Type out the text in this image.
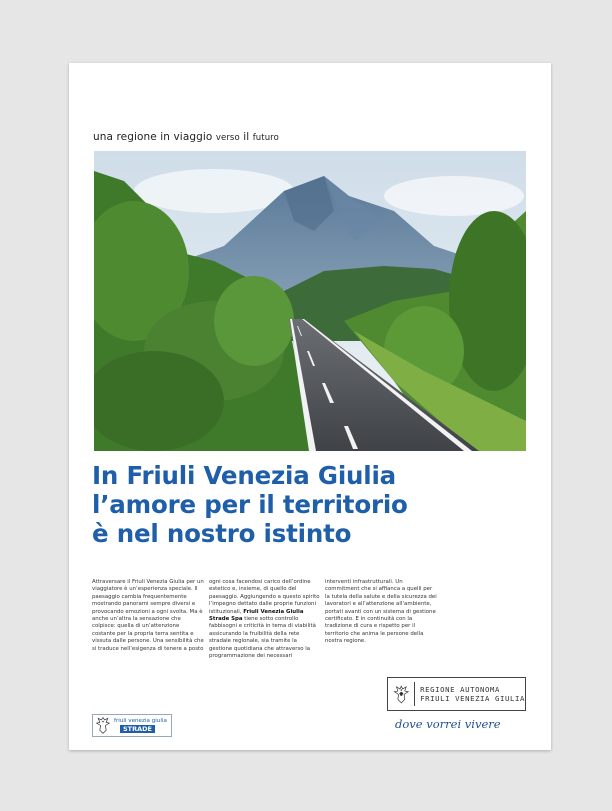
una regione in viaggio verso il futuro
In Friuli Venezia Giulia
l’amore per il territorio
è nel nostro istinto

Attraversare il Friuli Venezia Giulia per un viaggiatore è un’esperienza speciale. Il paesaggio cambia frequentemente mostrando panorami sempre diversi e provocando emozioni a ogni svolta. Ma è anche un’altra la sensazione che colpisce: quella di un’attenzione costante per la propria terra sentita e vissuta dalle persone. Una sensibilità che si traduce nell’esigenza di tenere a posto

ogni cosa facendosi carico dell’ordine estetico e, insieme, di quello del paesaggio. Aggiungendo a questo spirito l’impegno dettato dalle proprie funzioni istituzionali, Friuli Venezia Giulia Strade Spa tiene sotto controllo fabbisogni e criticità in tema di viabilità assicurando la fruibilità della rete stradale regionale, sia tramite la gestione quotidiana che attraverso la programmazione dei necessari

interventi infrastrutturali. Un commitment che si affianca a quelli per la tutela della salute e della sicurezza dei lavoratori e all’attenzione all’ambiente, portati avanti con un sistema di gestione certificato. E in continuità con la tradizione di cura e rispetto per il territorio che anima le persone della nostra regione.

friuli venezia giulia
STRADE
REGIONE AUTONOMA
FRIULI VENEZIA GIULIA
dove vorrei vivere
